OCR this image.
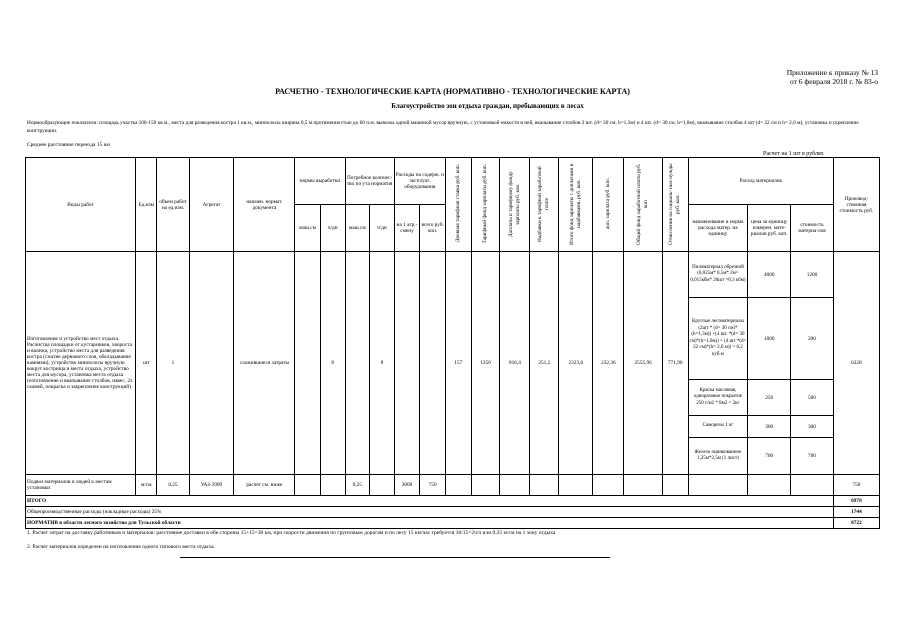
Приложение к приказу № 13
от 6 февраля 2018 г. № 83-о
РАСЧЕТНО - ТЕХНОЛОГИЧЕСКИЕ КАРТА (НОРМАТИВНО - ТЕХНОЛОГИЧЕСКИЕ КАРТА)
Благоустройство зон отдыха граждан, пребывающих в лесах
Нормообразующие показатели: площадь участка 100-150 кв.м., места для разведения костра 1 кв.м., минполосы ширина 0,5 м протяженностью до 60 п.м. вывозка одной машиной мусор вручную, с установкой емкости в ней, вкапывание столбов 2 шт. (d= 30 см, h=1,3м) и 4 шт. (d= 30 см, h=1,0м), вкапывание столбов 4 шт (d= 22 см и h= 2,6 м), установка и скрепление конструкции.
Среднее расстояние переезда 15 км
Расчет на 1 шт в рублях
Виды работ	Ед.изм	объем работ на ед.изм.	Агрегат	наимен. нормат. документа	нормы выработки		Потребное количес- тво по ута норматив		Расходы на содерж. и эксплуат. оборудования		Дневная тарифная ставка руб. коп.	Тарифный фонд зарплаты руб. коп.	Доплаты к тарифному фонду зарплаты руб. коп.	Надбавки к тарифной заработной плате	Итого фонд зарплаты с доплатами и надбавками, руб. коп.	доп. зарплата руб. коп.	Общий фонд заработной платы руб. коп	Отчисления на социаль- ные нужды руб. коп.	Расход материалов			Производ- ственная стоимость руб.
					маш.см	ч/дн	маш.см	ч/дн	на 1 агр.- смену	всего руб. коп.									наименование и норма расхода матер. на единицу	цена за единицу измерен. мате- риалов руб. коп.	стоимость материа-лов	
Изготовление и устройство мест отдыха. Расчистка площадки от кустарников, хвороста и валежа, устройство места для разведения костра (сжатие дернового слоя, обкладывание камнями), устройство минполосы вручную вокруг кострища и места отдыха, устройство места для мусора, установка места отдыха (изготовление и вкапывание столбов, навес, 2х скамей, покраска и закрепление конструкций)	шт	1		сложившиеся затраты		8		8			157	1256	816,4	251,2	2323,6	232,36	2555,96	771,90	Пиломатериал обрезной (0,025м* 0,5м* 2м= 0,015кбм* 20шт =0,3 кбм)	4000	1200	6228
																			Круглые лесоматериалы (2шт * (d= 30 см)*(h=1,3м)) +(4 шт. *(d= 30 см)*(h=1,0м)) + (4 шт *(d= 22 см)*(h= 2,6 м)) = 0,2 куб.м	1000	200	
																			Краска масляная, одноразовое покрытие 250 г/м2 * 8м2 = 2кг	250	500	
																			Саморезы 1 кг	300	300	
																			Железо оцинкованное 1,25м*2,5м (1 лист)	700	700	
Подвоз материалов и людей к местам установки	м/см	0,25	УАЗ-3909	расчет см. ниже			0,25		3000	750												750
ИТОГО																						6978
Общепроизводственные расходы (накладные расходы) 25%																						1744
НОРМАТИВ в области лесного хозяйства для Тульской области																						8722
1. Расчет затрат на доставку работников и материалов: расстояние доставки в обе стороны 15+15=30 км, при скорости движения по грунтовым дорогам и по лесу 15 км/час требуется 30/15=2ч/ч или 0,25 м/см на 1 зону отдыха
2. Расчет материалов определен на изготовление одного типового места отдыха.
